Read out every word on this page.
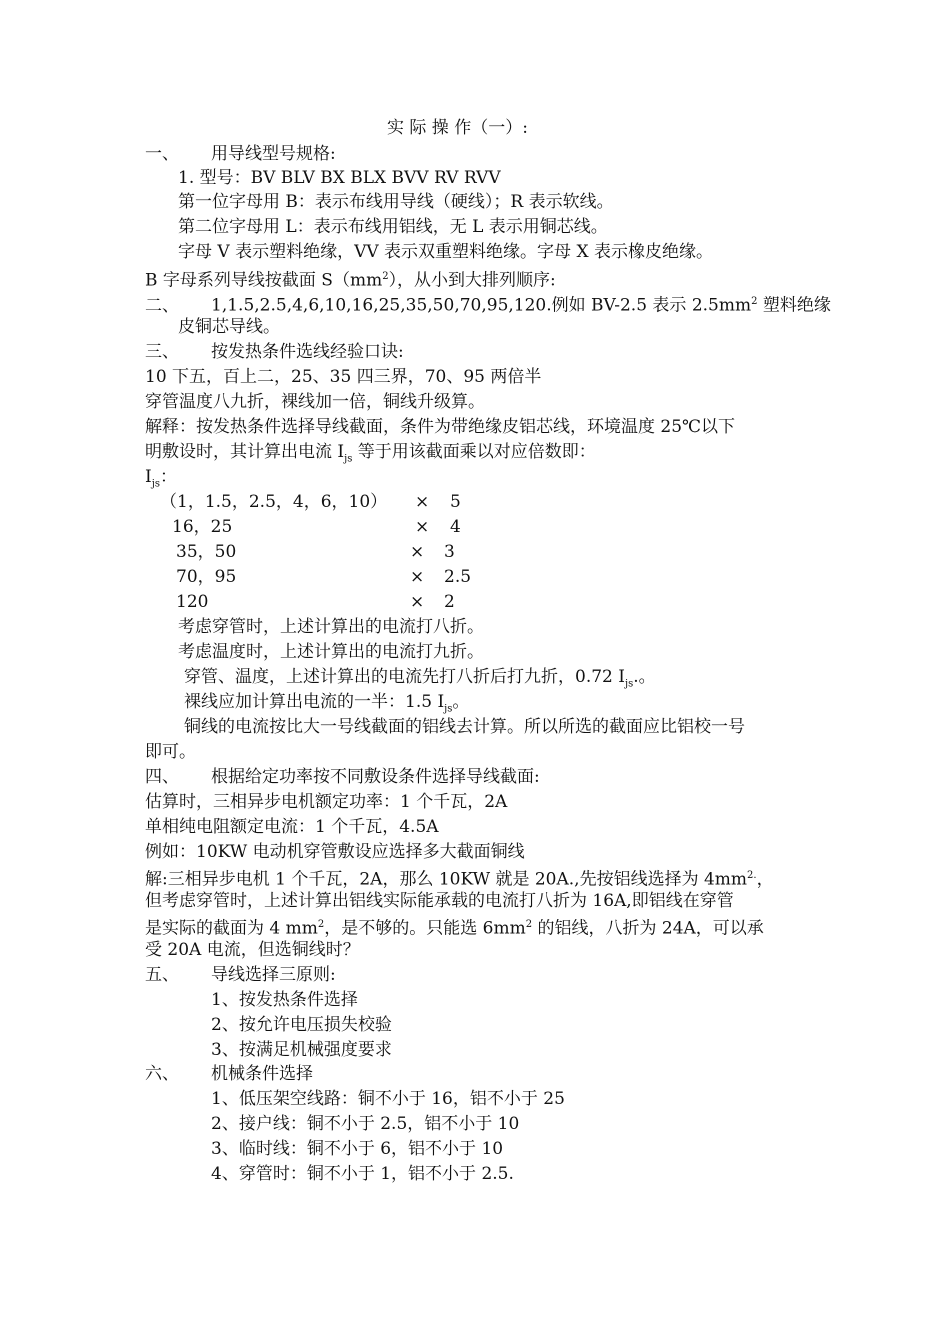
实 际 操 作（一）:
一、 用导线型号规格:
1. 型号：BV BLV BX BLX BVV RV RVV
第一位字母用 B：表示布线用导线（硬线）；R 表示软线。
第二位字母用 L：表示布线用铝线，无 L 表示用铜芯线。
字母 V 表示塑料绝缘，VV 表示双重塑料绝缘。字母 X 表示橡皮绝缘。
B 字母系列导线按截面 $S(mm^2)$，从小到大排列顺序:
二、 1,1.5,2.5,4,6,10,16,25,35,50,70,95,120.例如 BV-2.5 表示 $2.5mm^2$ 塑料绝缘
皮铜芯导线。
三、 按发热条件选线经验口诀:
10 下五，百上二，25、35 四三界，70、95 两倍半
穿管温度八九折，裸线加一倍，铜线升级算。
解释：按发热条件选择导线截面，条件为带绝缘皮铝芯线，环境温度 25℃以下
明敷设时，其计算出电流 $I_{js}$ 等于用该截面乘以对应倍数即：
$I_{js}$：
（1，1.5，2.5，4，6，10） × 5
16，25	× 4
35，50	× 3
70，95	× 2.5
120	× 2
考虑穿管时，上述计算出的电流打八折。
考虑温度时，上述计算出的电流打九折。
穿管、温度，上述计算出的电流先打八折后打九折，0.72 $I_{js}$.。
裸线应加计算出电流的一半：1.5 $I_{js}$。
铜线的电流按比大一号线截面的铝线去计算。所以所选的截面应比铝校一号
即可。
四、 根据给定功率按不同敷设条件选择导线截面:
估算时，三相异步电机额定功率：1 个千瓦，2A
单相纯电阻额定电流：1 个千瓦，4.5A
例如：10KW 电动机穿管敷设应选择多大截面铜线
解:三相异步电机 1 个千瓦，2A，那么 10KW 就是 20A.,先按铝线选择为 $4mm^{2.}$，
但考虑穿管时，上述计算出铝线实际能承载的电流打八折为 16A,即铝线在穿管
是实际的截面为 4 $mm^2$，是不够的。只能选 $6mm^2$ 的铝线，八折为 24A，可以承
受 20A 电流，但选铜线时？
五、 导线选择三原则:
1、按发热条件选择
2、按允许电压损失校验
3、按满足机械强度要求
六、 机械条件选择
1、低压架空线路：铜不小于 16，铝不小于 25
2、接户线：铜不小于 2.5，铝不小于 10
3、临时线：铜不小于 6，铝不小于 10
4、穿管时：铜不小于 1，铝不小于 2.5.
